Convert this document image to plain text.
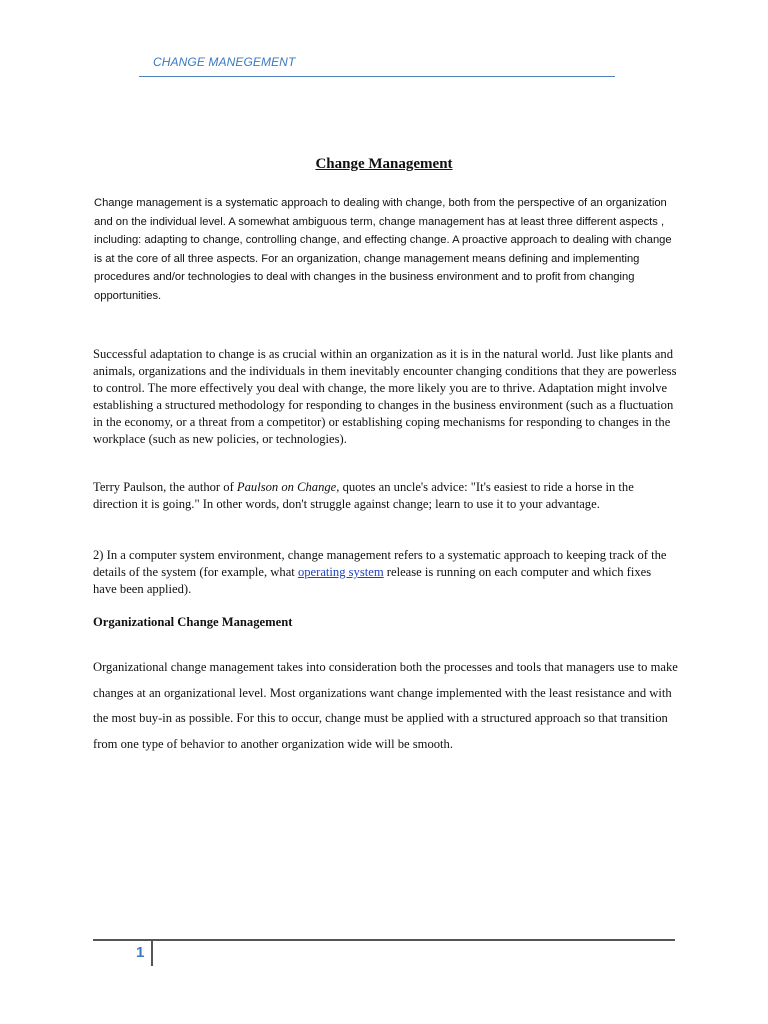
CHANGE MANEGEMENT
Change Management

Change management is a systematic approach to dealing with change, both from the perspective of an organization and on the individual level. A somewhat ambiguous term, change management has at least three different aspects , including: adapting to change, controlling change, and effecting change. A proactive approach to dealing with change is at the core of all three aspects. For an organization, change management means defining and implementing procedures and/or technologies to deal with changes in the business environment and to profit from changing opportunities.

Successful adaptation to change is as crucial within an organization as it is in the natural world. Just like plants and animals, organizations and the individuals in them inevitably encounter changing conditions that they are powerless to control. The more effectively you deal with change, the more likely you are to thrive. Adaptation might involve establishing a structured methodology for responding to changes in the business environment (such as a fluctuation in the economy, or a threat from a competitor) or establishing coping mechanisms for responding to changes in the workplace (such as new policies, or technologies).

Terry Paulson, the author of Paulson on Change, quotes an uncle's advice: "It's easiest to ride a horse in the direction it is going." In other words, don't struggle against change; learn to use it to your advantage.

2) In a computer system environment, change management refers to a systematic approach to keeping track of the details of the system (for example, what operating system release is running on each computer and which fixes have been applied).

Organizational Change Management

Organizational change management takes into consideration both the processes and tools that managers use to make changes at an organizational level. Most organizations want change implemented with the least resistance and with the most buy-in as possible. For this to occur, change must be applied with a structured approach so that transition from one type of behavior to another organization wide will be smooth.

1
